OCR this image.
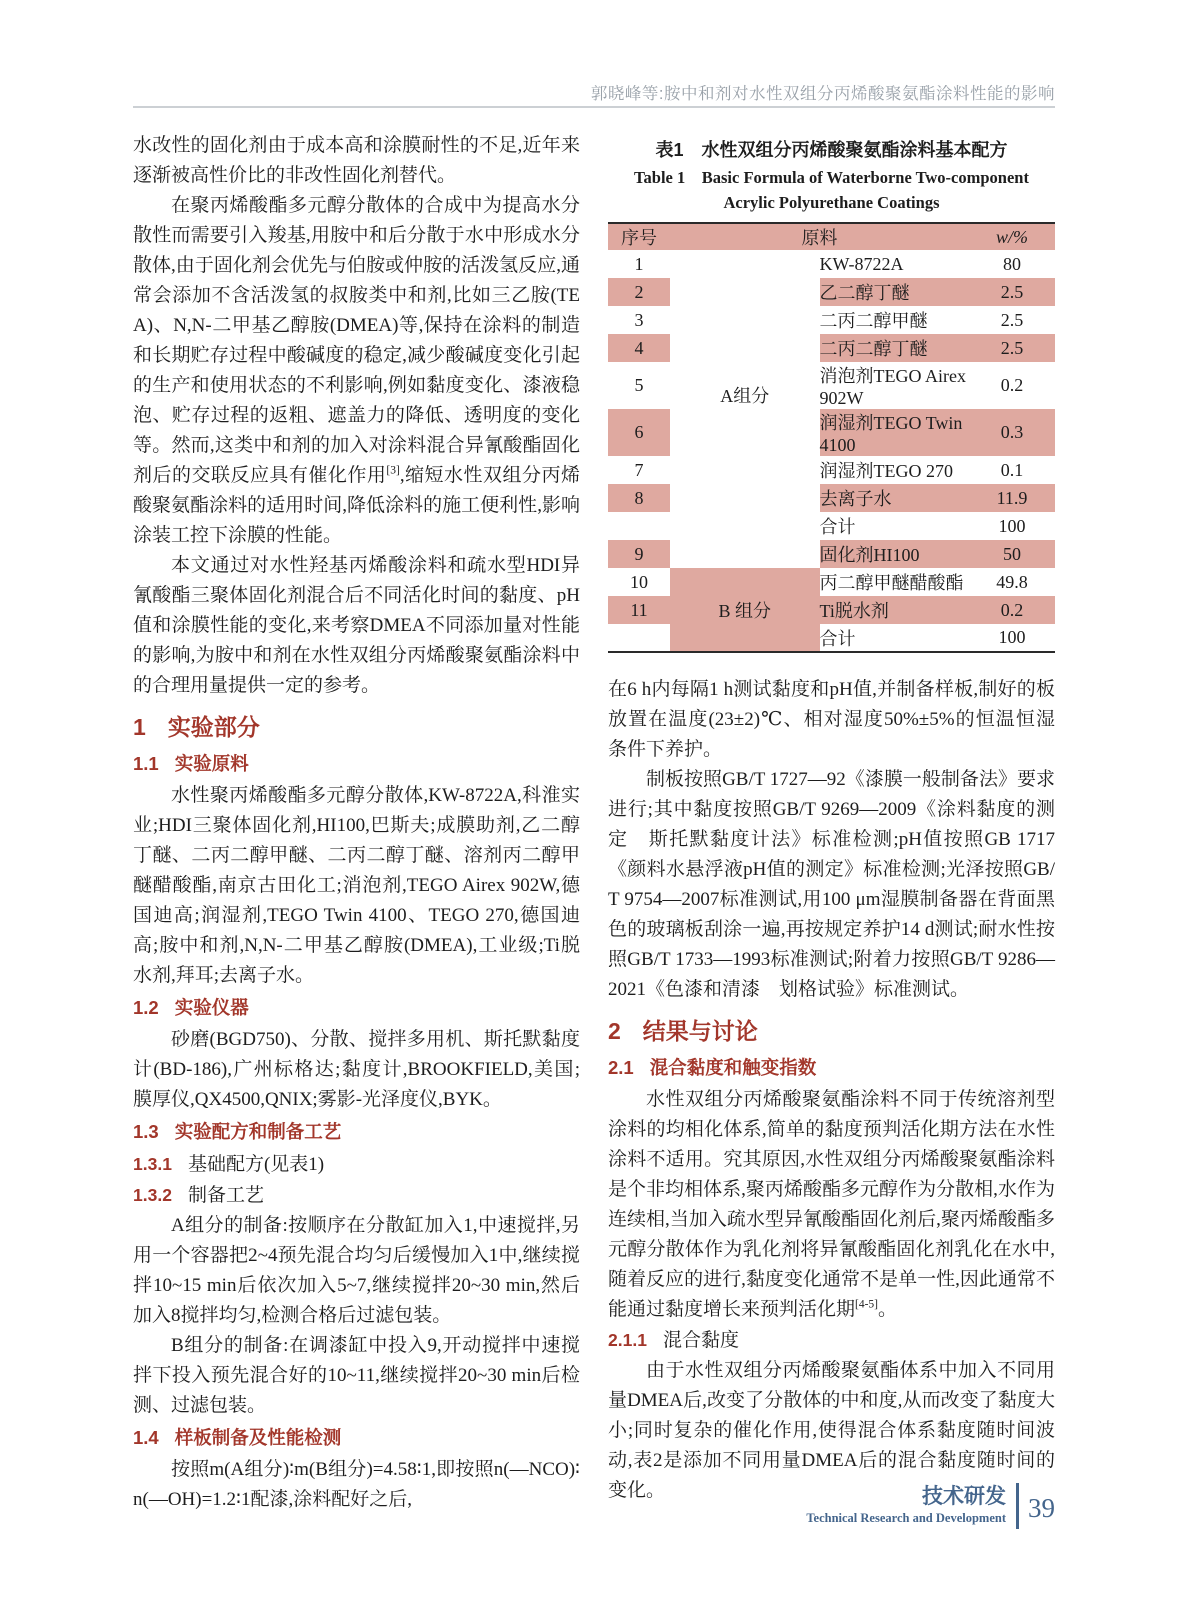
郭晓峰等:胺中和剂对水性双组分丙烯酸聚氨酯涂料性能的影响

水改性的固化剂由于成本高和涂膜耐性的不足,近年来逐渐被高性价比的非改性固化剂替代。

在聚丙烯酸酯多元醇分散体的合成中为提高水分散性而需要引入羧基,用胺中和后分散于水中形成水分散体,由于固化剂会优先与伯胺或仲胺的活泼氢反应,通常会添加不含活泼氢的叔胺类中和剂,比如三乙胺(TEA)、N,N-二甲基乙醇胺(DMEA)等,保持在涂料的制造和长期贮存过程中酸碱度的稳定,减少酸碱度变化引起的生产和使用状态的不利影响,例如黏度变化、漆液稳泡、贮存过程的返粗、遮盖力的降低、透明度的变化等。然而,这类中和剂的加入对涂料混合异氰酸酯固化剂后的交联反应具有催化作用[3],缩短水性双组分丙烯酸聚氨酯涂料的适用时间,降低涂料的施工便利性,影响涂装工控下涂膜的性能。

本文通过对水性羟基丙烯酸涂料和疏水型HDI异氰酸酯三聚体固化剂混合后不同活化时间的黏度、pH值和涂膜性能的变化,来考察DMEA不同添加量对性能的影响,为胺中和剂在水性双组分丙烯酸聚氨酯涂料中的合理用量提供一定的参考。

1 实验部分
1.1 实验原料

水性聚丙烯酸酯多元醇分散体,KW-8722A,科淮实业;HDI三聚体固化剂,HI100,巴斯夫;成膜助剂,乙二醇丁醚、二丙二醇甲醚、二丙二醇丁醚、溶剂丙二醇甲醚醋酸酯,南京古田化工;消泡剂,TEGO Airex 902W,德国迪高;润湿剂,TEGO Twin 4100、TEGO 270,德国迪高;胺中和剂,N,N-二甲基乙醇胺(DMEA),工业级;Ti脱水剂,拜耳;去离子水。

1.2 实验仪器

砂磨(BGD750)、分散、搅拌多用机、斯托默黏度计(BD-186),广州标格达;黏度计,BROOKFIELD,美国;膜厚仪,QX4500,QNIX;雾影-光泽度仪,BYK。

1.3 实验配方和制备工艺
1.3.1 基础配方(见表1)
1.3.2 制备工艺

A组分的制备:按顺序在分散缸加入1,中速搅拌,另用一个容器把2~4预先混合均匀后缓慢加入1中,继续搅拌10~15 min后依次加入5~7,继续搅拌20~30 min,然后加入8搅拌均匀,检测合格后过滤包装。

B组分的制备:在调漆缸中投入9,开动搅拌中速搅拌下投入预先混合好的10~11,继续搅拌20~30 min后检测、过滤包装。

1.4 样板制备及性能检测

按照m(A组分)∶m(B组分)=4.58∶1,即按照n(—NCO)∶n(—OH)=1.2∶1配漆,涂料配好之后,

表1　水性双组分丙烯酸聚氨酯涂料基本配方
Table 1　Basic Formula of Waterborne Two-component
Acrylic Polyurethane Coatings
序号	原料		w/%
1	A组分	KW-8722A	80
2		乙二醇丁醚	2.5
3		二丙二醇甲醚	2.5
4		二丙二醇丁醚	2.5
5		消泡剂TEGO Airex 902W	0.2
6		润湿剂TEGO Twin 4100	0.3
7		润湿剂TEGO 270	0.1
8		去离子水	11.9
		合计	100
9		固化剂HI100	50
10	B 组分	丙二醇甲醚醋酸酯	49.8
11		Ti脱水剂	0.2
		合计	100

在6 h内每隔1 h测试黏度和pH值,并制备样板,制好的板放置在温度(23±2)℃、相对湿度50%±5%的恒温恒湿条件下养护。

制板按照GB/T 1727—92《漆膜一般制备法》要求进行;其中黏度按照GB/T 9269—2009《涂料黏度的测定　斯托默黏度计法》标准检测;pH值按照GB 1717《颜料水悬浮液pH值的测定》标准检测;光泽按照GB/T 9754—2007标准测试,用100 μm湿膜制备器在背面黑色的玻璃板刮涂一遍,再按规定养护14 d测试;耐水性按照GB/T 1733—1993标准测试;附着力按照GB/T 9286—2021《色漆和清漆　划格试验》标准测试。

2 结果与讨论
2.1 混合黏度和触变指数

水性双组分丙烯酸聚氨酯涂料不同于传统溶剂型涂料的均相化体系,简单的黏度预判活化期方法在水性涂料不适用。究其原因,水性双组分丙烯酸聚氨酯涂料是个非均相体系,聚丙烯酸酯多元醇作为分散相,水作为连续相,当加入疏水型异氰酸酯固化剂后,聚丙烯酸酯多元醇分散体作为乳化剂将异氰酸酯固化剂乳化在水中,随着反应的进行,黏度变化通常不是单一性,因此通常不能通过黏度增长来预判活化期[4-5]。

2.1.1 混合黏度

由于水性双组分丙烯酸聚氨酯体系中加入不同用量DMEA后,改变了分散体的中和度,从而改变了黏度大小;同时复杂的催化作用,使得混合体系黏度随时间波动,表2是添加不同用量DMEA后的混合黏度随时间的变化。	技术研发
Technical Research and Development 39
